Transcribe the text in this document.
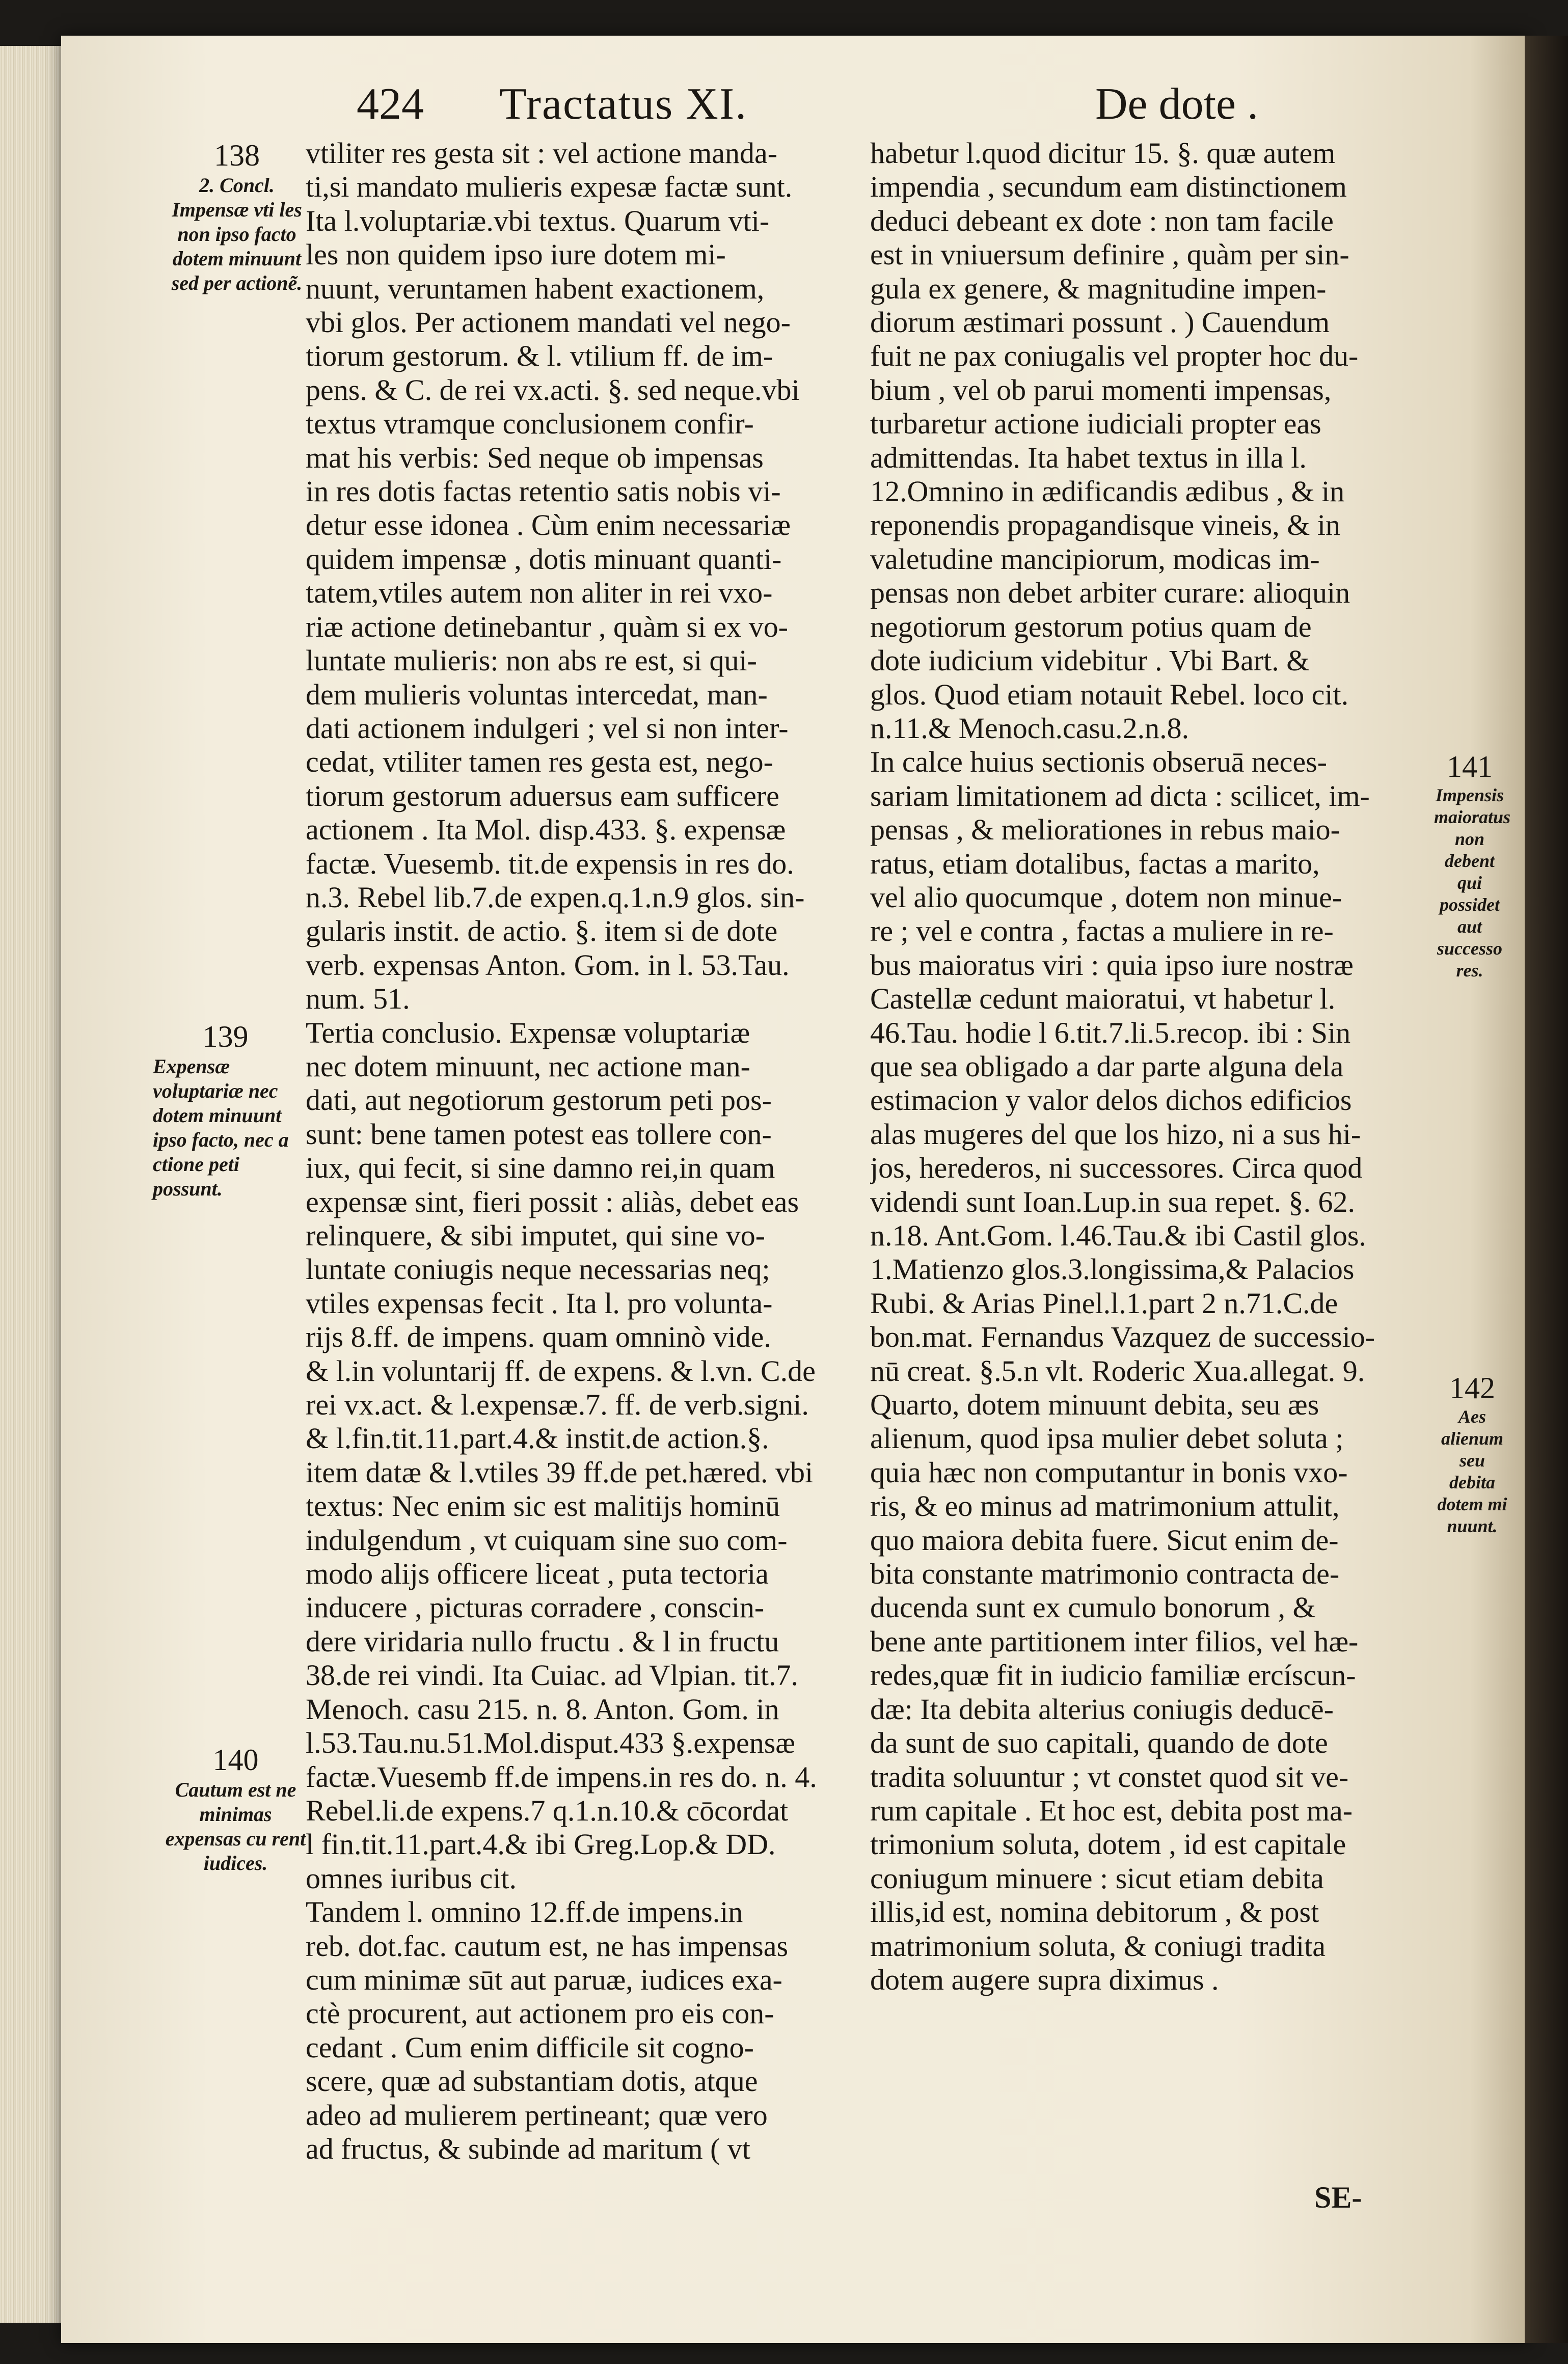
424 Tractatus XI.	De dote .
138
2. Concl. Impensæ vti les non ipso facto dotem minuunt sed per actionẽ.
139
Expensæ voluptariæ nec dotem minuunt ipso facto, nec a ctione peti possunt.
140
Cautum est ne minimas expensas cu rent iudices.
141
Impensis maioratus non debent qui possidet aut successo res.
142
Aes alienum seu debita dotem mi nuunt.

vtiliter res gesta sit : vel actione manda-

ti,si mandato mulieris expesæ factæ sunt.

Ita l.voluptariæ.vbi textus. Quarum vti-

les non quidem ipso iure dotem mi-

nuunt, veruntamen habent exactionem,

vbi glos. Per actionem mandati vel nego-

tiorum gestorum. & l. vtilium ff. de im-

pens. & C. de rei vx.acti. §. sed neque.vbi

textus vtramque conclusionem confir-

mat his verbis: Sed neque ob impensas

in res dotis factas retentio satis nobis vi-

detur esse idonea . Cùm enim necessariæ

quidem impensæ , dotis minuant quanti-

tatem,vtiles autem non aliter in rei vxo-

riæ actione detinebantur , quàm si ex vo-

luntate mulieris: non abs re est, si qui-

dem mulieris voluntas intercedat, man-

dati actionem indulgeri ; vel si non inter-

cedat, vtiliter tamen res gesta est, nego-

tiorum gestorum aduersus eam sufficere

actionem . Ita Mol. disp.433. §. expensæ

factæ. Vuesemb. tit.de expensis in res do.

n.3. Rebel lib.7.de expen.q.1.n.9 glos. sin-

gularis instit. de actio. §. item si de dote

verb. expensas Anton. Gom. in l. 53.Tau.

num. 51.

Tertia conclusio. Expensæ voluptariæ

nec dotem minuunt, nec actione man-

dati, aut negotiorum gestorum peti pos-

sunt: bene tamen potest eas tollere con-

iux, qui fecit, si sine damno rei,in quam

expensæ sint, fieri possit : aliàs, debet eas

relinquere, & sibi imputet, qui sine vo-

luntate coniugis neque necessarias neq;

vtiles expensas fecit . Ita l. pro volunta-

rijs 8.ff. de impens. quam omninò vide.

& l.in voluntarij ff. de expens. & l.vn. C.de

rei vx.act. & l.expensæ.7. ff. de verb.signi.

& l.fin.tit.11.part.4.& instit.de action.§.

item datæ & l.vtiles 39 ff.de pet.hæred. vbi

textus: Nec enim sic est malitijs hominū

indulgendum , vt cuiquam sine suo com-

modo alijs officere liceat , puta tectoria

inducere , picturas corradere , conscin-

dere viridaria nullo fructu . & l in fructu

38.de rei vindi. Ita Cuiac. ad Vlpian. tit.7.

Menoch. casu 215. n. 8. Anton. Gom. in

l.53.Tau.nu.51.Mol.disput.433 §.expensæ

factæ.Vuesemb ff.de impens.in res do. n. 4.

Rebel.li.de expens.7 q.1.n.10.& cōcordat

l fin.tit.11.part.4.& ibi Greg.Lop.& DD.

omnes iuribus cit.

Tandem l. omnino 12.ff.de impens.in

reb. dot.fac. cautum est, ne has impensas

cum minimæ sūt aut paruæ, iudices exa-

ctè procurent, aut actionem pro eis con-

cedant . Cum enim difficile sit cogno-

scere, quæ ad substantiam dotis, atque

adeo ad mulierem pertineant; quæ vero

ad fructus, & subinde ad maritum ( vt

habetur l.quod dicitur 15. §. quæ autem

impendia , secundum eam distinctionem

deduci debeant ex dote : non tam facile

est in vniuersum definire , quàm per sin-

gula ex genere, & magnitudine impen-

diorum æstimari possunt . ) Cauendum

fuit ne pax coniugalis vel propter hoc du-

bium , vel ob parui momenti impensas,

turbaretur actione iudiciali propter eas

admittendas. Ita habet textus in illa l.

12.Omnino in ædificandis ædibus , & in

reponendis propagandisque vineis, & in

valetudine mancipiorum, modicas im-

pensas non debet arbiter curare: alioquin

negotiorum gestorum potius quam de

dote iudicium videbitur . Vbi Bart. &

glos. Quod etiam notauit Rebel. loco cit.

n.11.& Menoch.casu.2.n.8.

In calce huius sectionis obseruā neces-

sariam limitationem ad dicta : scilicet, im-

pensas , & meliorationes in rebus maio-

ratus, etiam dotalibus, factas a marito,

vel alio quocumque , dotem non minue-

re ; vel e contra , factas a muliere in re-

bus maioratus viri : quia ipso iure nostræ

Castellæ cedunt maioratui, vt habetur l.

46.Tau. hodie l 6.tit.7.li.5.recop. ibi : Sin

que sea obligado a dar parte alguna dela

estimacion y valor delos dichos edificios

alas mugeres del que los hizo, ni a sus hi-

jos, herederos, ni successores. Circa quod

videndi sunt Ioan.Lup.in sua repet. §. 62.

n.18. Ant.Gom. l.46.Tau.& ibi Castil glos.

1.Matienzo glos.3.longissima,& Palacios

Rubi. & Arias Pinel.l.1.part 2 n.71.C.de

bon.mat. Fernandus Vazquez de successio-

nū creat. §.5.n vlt. Roderic Xua.allegat. 9.

Quarto, dotem minuunt debita, seu æs

alienum, quod ipsa mulier debet soluta ;

quia hæc non computantur in bonis vxo-

ris, & eo minus ad matrimonium attulit,

quo maiora debita fuere. Sicut enim de-

bita constante matrimonio contracta de-

ducenda sunt ex cumulo bonorum , &

bene ante partitionem inter filios, vel hæ-

redes,quæ fit in iudicio familiæ ercíscun-

dæ: Ita debita alterius coniugis deducē-

da sunt de suo capitali, quando de dote

tradita soluuntur ; vt constet quod sit ve-

rum capitale . Et hoc est, debita post ma-

trimonium soluta, dotem , id est capitale

coniugum minuere : sicut etiam debita

illis,id est, nomina debitorum , & post

matrimonium soluta, & coniugi tradita

dotem augere supra diximus .

SE-
